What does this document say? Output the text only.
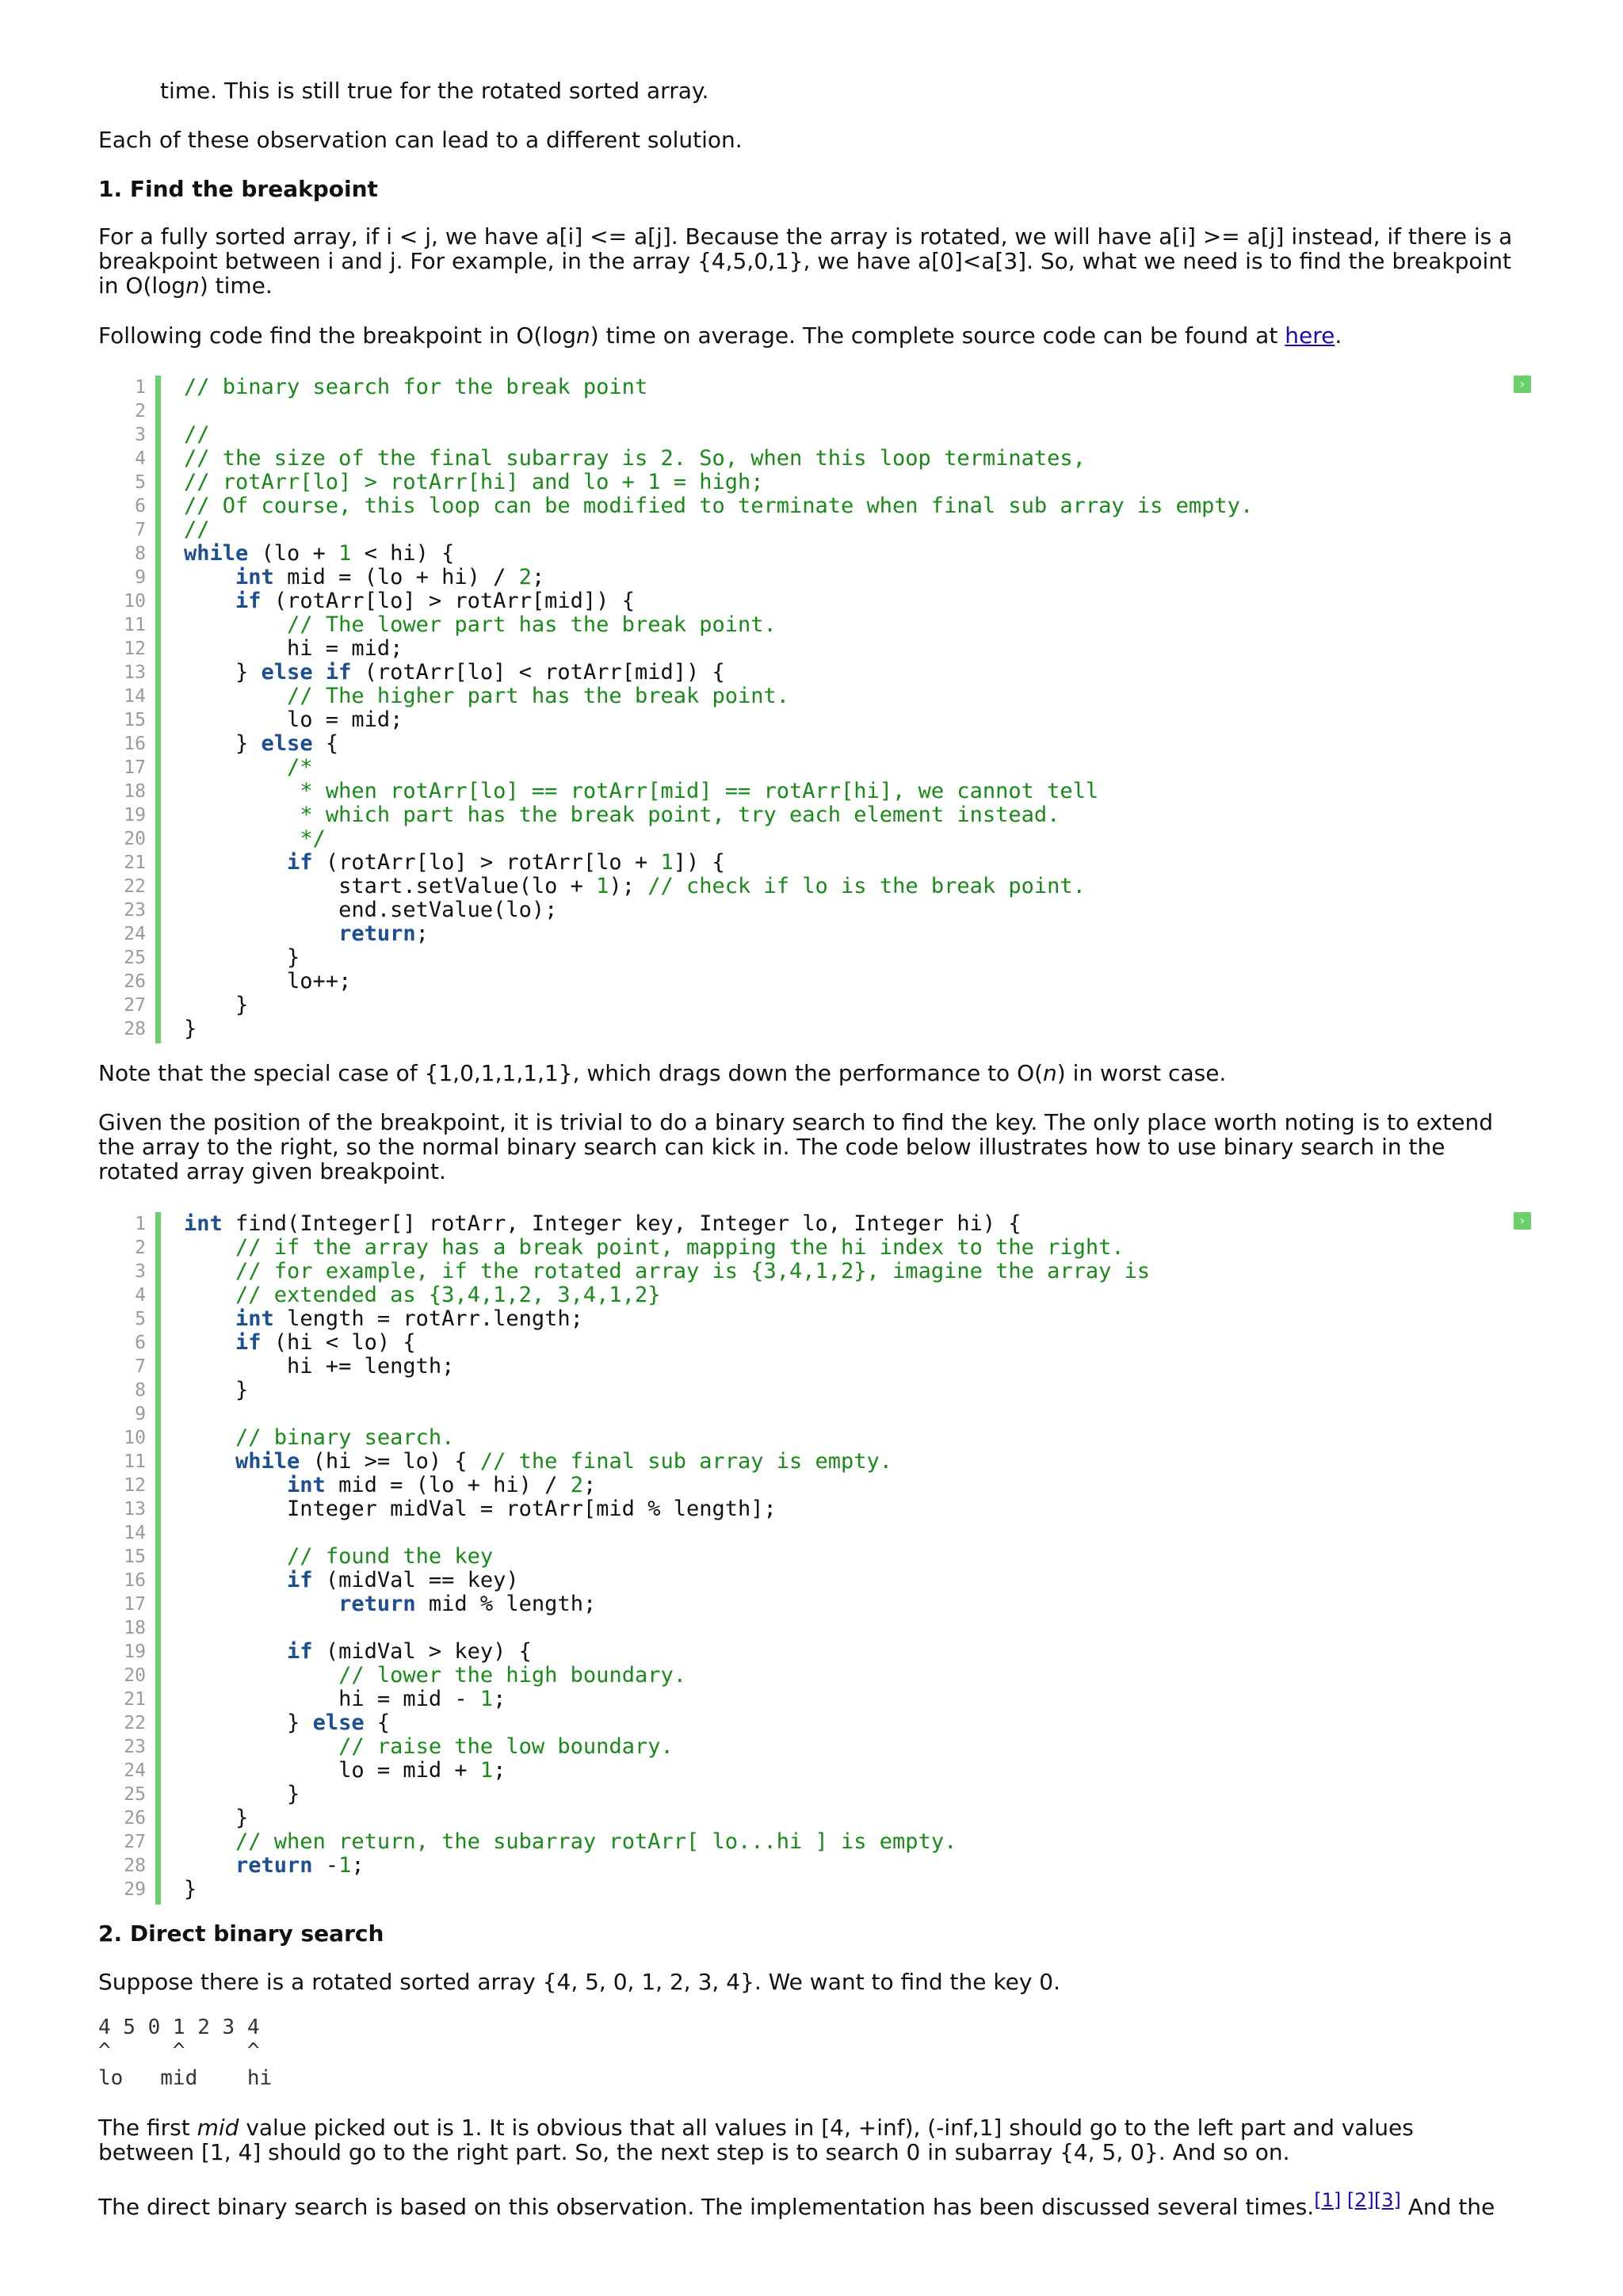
time. This is still true for the rotated sorted array.
Each of these observation can lead to a different solution.
1. Find the breakpoint
For a fully sorted array, if i < j, we have a[i] <= a[j]. Because the array is rotated, we will have a[i] >= a[j] instead, if there is a
breakpoint between i and j. For example, in the array {4,5,0,1}, we have a[0]<a[3]. So, what we need is to find the breakpoint
in O(logn) time.
Following code find the breakpoint in O(logn) time on average. The complete source code can be found at here.
1 // binary search for the break point
2
3 //
4 // the size of the final subarray is 2. So, when this loop terminates,
5 // rotArr[lo] > rotArr[hi] and lo + 1 = high;
6 // Of course, this loop can be modified to terminate when final sub array is empty.
7 //
8 while (lo + 1 < hi) {
9	int mid = (lo + hi) / 2;
10	if (rotArr[lo] > rotArr[mid]) {
11	// The lower part has the break point.
12 hi = mid;
13 } else if (rotArr[lo] < rotArr[mid]) {
14	// The higher part has the break point.
15 lo = mid;
16 } else {
17	/*
18	* when rotArr[lo] == rotArr[mid] == rotArr[hi], we cannot tell
19	* which part has the break point, try each element instead.
20	*/
21	if (rotArr[lo] > rotArr[lo + 1]) {
22 start.setValue(lo + 1); // check if lo is the break point.
23 end.setValue(lo);
24	return;
25 }
26 lo++;
27 }
28 }
›
Note that the special case of {1,0,1,1,1,1}, which drags down the performance to O(n) in worst case.
Given the position of the breakpoint, it is trivial to do a binary search to find the key. The only place worth noting is to extend
the array to the right, so the normal binary search can kick in. The code below illustrates how to use binary search in the
rotated array given breakpoint.
1 int find(Integer[] rotArr, Integer key, Integer lo, Integer hi) {
2	// if the array has a break point, mapping the hi index to the right.
3	// for example, if the rotated array is {3,4,1,2}, imagine the array is
4	// extended as {3,4,1,2, 3,4,1,2}
5	int length = rotArr.length;
6	if (hi < lo) {
7 hi += length;
8 }
9
10	// binary search.
11	while (hi >= lo) { // the final sub array is empty.
12	int mid = (lo + hi) / 2;
13 Integer midVal = rotArr[mid % length];
14
15	// found the key
16	if (midVal == key)
17	return mid % length;
18
19	if (midVal > key) {
20	// lower the high boundary.
21 hi = mid - 1;
22 } else {
23	// raise the low boundary.
24 lo = mid + 1;
25 }
26 }
27	// when return, the subarray rotArr[ lo...hi ] is empty.
28	return -1;
29 }
›
2. Direct binary search
Suppose there is a rotated sorted array {4, 5, 0, 1, 2, 3, 4}. We want to find the key 0.
4 5 0 1 2 3 4
^     ^     ^
lo   mid    hi
The first mid value picked out is 1. It is obvious that all values in [4, +inf), (-inf,1] should go to the left part and values
between [1, 4] should go to the right part. So, the next step is to search 0 in subarray {4, 5, 0}. And so on.
The direct binary search is based on this observation. The implementation has been discussed several times.[1] [2][3] And the
